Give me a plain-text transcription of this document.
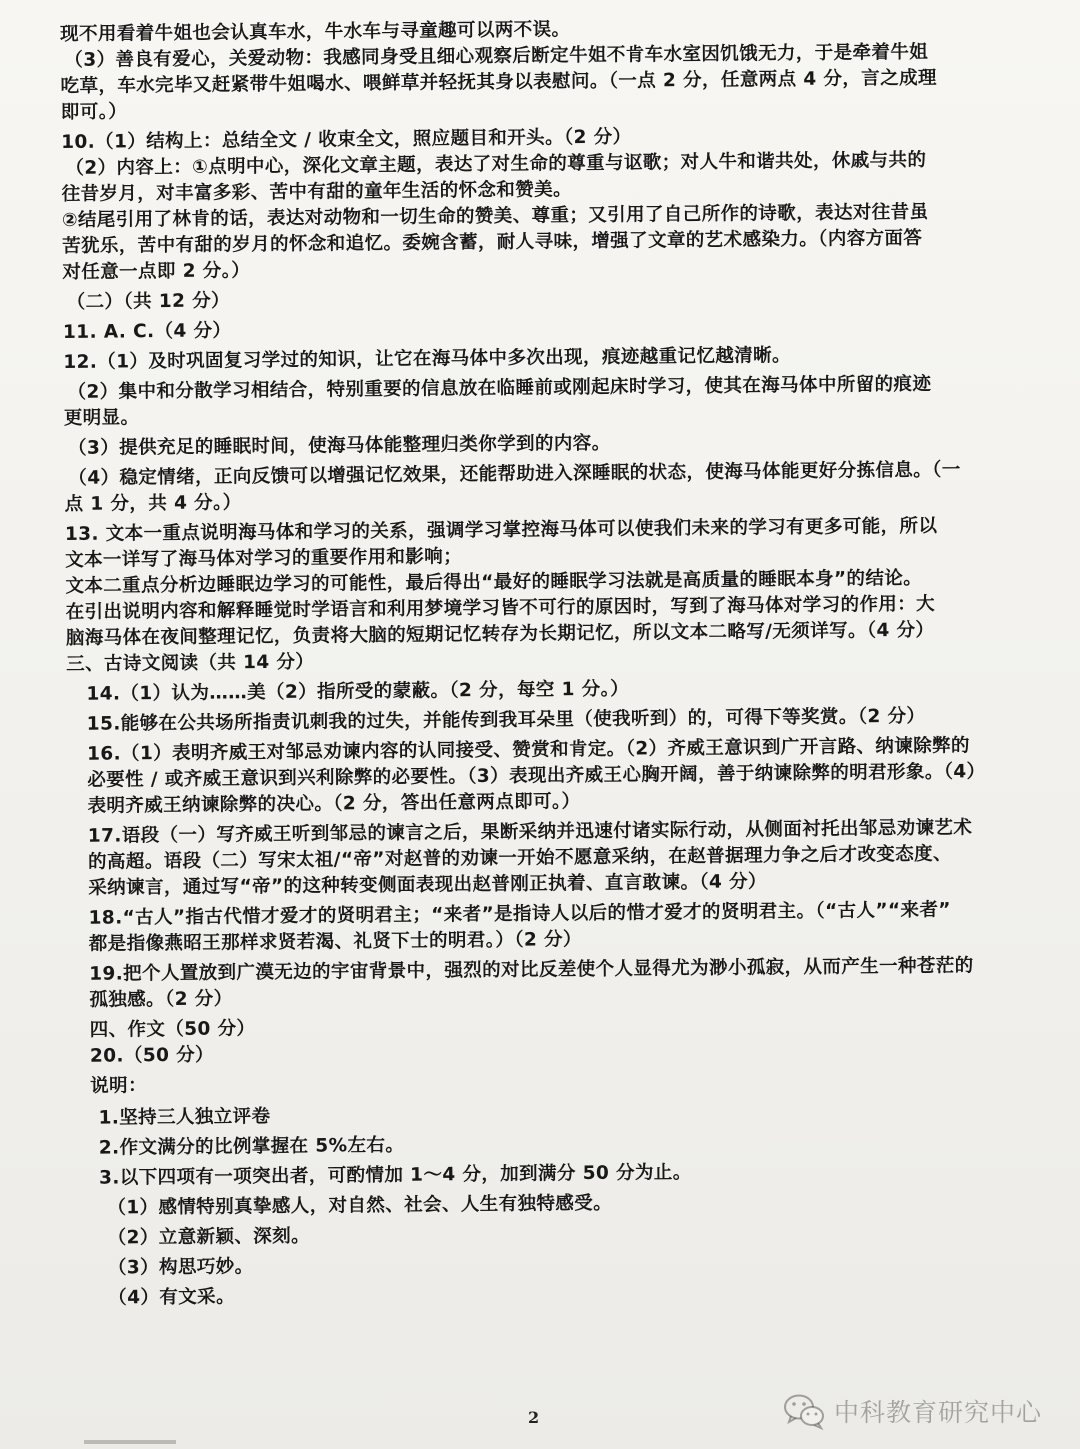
现不用看着牛姐也会认真车水，牛水车与寻童趣可以两不误。
（3）善良有爱心，关爱动物：我感同身受且细心观察后断定牛姐不肯车水室因饥饿无力，于是牵着牛姐
吃草，车水完毕又赶紧带牛姐喝水、喂鲜草并轻抚其身以表慰问。（一点 2 分，任意两点 4 分，言之成理
即可。）
10.（1）结构上：总结全文 / 收束全文，照应题目和开头。（2 分）
（2）内容上：①点明中心，深化文章主题，表达了对生命的尊重与讴歌；对人牛和谐共处，休戚与共的
往昔岁月，对丰富多彩、苦中有甜的童年生活的怀念和赞美。
②结尾引用了林肯的话，表达对动物和一切生命的赞美、尊重；又引用了自己所作的诗歌，表达对往昔虽
苦犹乐，苦中有甜的岁月的怀念和追忆。委婉含蓄，耐人寻味，增强了文章的艺术感染力。（内容方面答
对任意一点即 2 分。）
（二）（共 12 分）
11. A. C.（4 分）
12.（1）及时巩固复习学过的知识，让它在海马体中多次出现，痕迹越重记忆越清晰。
（2）集中和分散学习相结合，特别重要的信息放在临睡前或刚起床时学习，使其在海马体中所留的痕迹
更明显。
（3）提供充足的睡眠时间，使海马体能整理归类你学到的内容。
（4）稳定情绪，正向反馈可以增强记忆效果，还能帮助进入深睡眠的状态，使海马体能更好分拣信息。（一
点 1 分，共 4 分。）
13. 文本一重点说明海马体和学习的关系，强调学习掌控海马体可以使我们未来的学习有更多可能，所以
文本一详写了海马体对学习的重要作用和影响；
文本二重点分析边睡眠边学习的可能性，最后得出“最好的睡眠学习法就是高质量的睡眠本身”的结论。
在引出说明内容和解释睡觉时学语言和利用梦境学习皆不可行的原因时，写到了海马体对学习的作用：大
脑海马体在夜间整理记忆，负责将大脑的短期记忆转存为长期记忆，所以文本二略写/无须详写。（4 分）
三、古诗文阅读（共 14 分）
14.（1）认为……美（2）指所受的蒙蔽。（2 分，每空 1 分。）
15.能够在公共场所指责讥刺我的过失，并能传到我耳朵里（使我听到）的，可得下等奖赏。（2 分）
16.（1）表明齐威王对邹忌劝谏内容的认同接受、赞赏和肯定。（2）齐威王意识到广开言路、纳谏除弊的
必要性 / 或齐威王意识到兴利除弊的必要性。（3）表现出齐威王心胸开阔，善于纳谏除弊的明君形象。（4）
表明齐威王纳谏除弊的决心。（2 分，答出任意两点即可。）
17.语段（一）写齐威王听到邹忌的谏言之后，果断采纳并迅速付诸实际行动，从侧面衬托出邹忌劝谏艺术
的高超。语段（二）写宋太祖/“帝”对赵普的劝谏一开始不愿意采纳，在赵普据理力争之后才改变态度、
采纳谏言，通过写“帝”的这种转变侧面表现出赵普刚正执着、直言敢谏。（4 分）
18.“古人”指古代惜才爱才的贤明君主；“来者”是指诗人以后的惜才爱才的贤明君主。（“古人”“来者”
都是指像燕昭王那样求贤若渴、礼贤下士的明君。）（2 分）
19.把个人置放到广漠无边的宇宙背景中，强烈的对比反差使个人显得尤为渺小孤寂，从而产生一种苍茫的
孤独感。（2 分）
四、作文（50 分）
20.（50 分）
说明：
1.坚持三人独立评卷
2.作文满分的比例掌握在 5%左右。
3.以下四项有一项突出者，可酌情加 1～4 分，加到满分 50 分为止。
（1）感情特别真挚感人，对自然、社会、人生有独特感受。
（2）立意新颖、深刻。
（3）构思巧妙。
（4）有文采。
2	中科教育研究中心
